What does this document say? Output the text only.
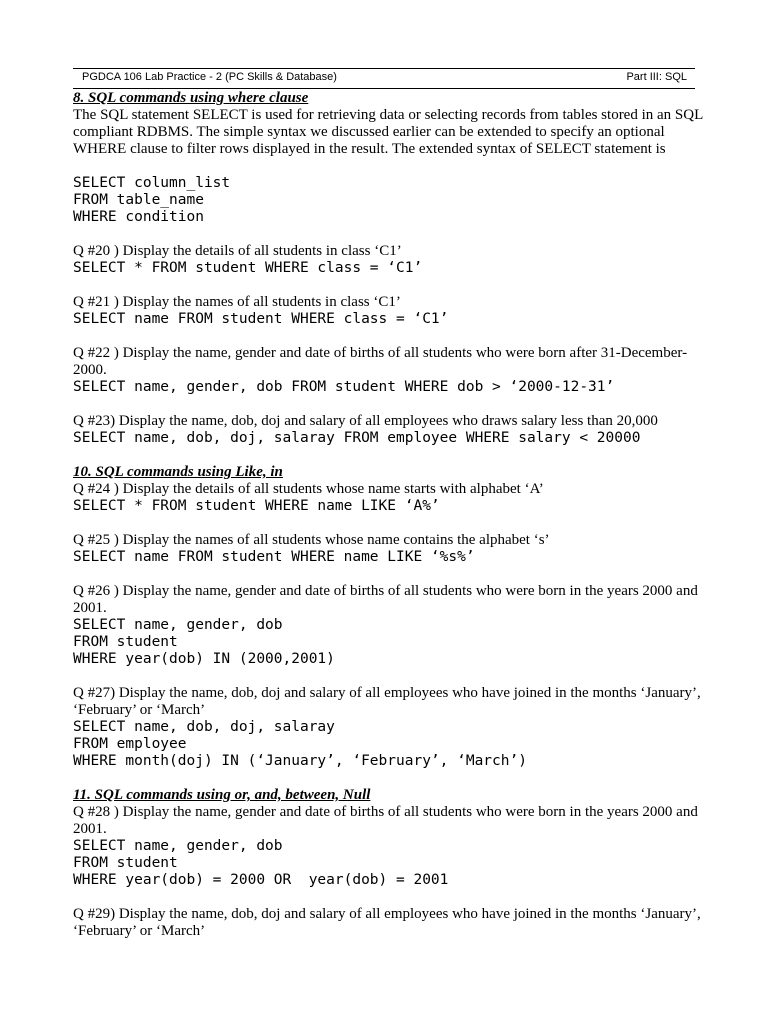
PGDCA 106 Lab Practice - 2 (PC Skills & Database)	Part III: SQL
8. SQL commands using where clause
The SQL statement SELECT is used for retrieving data or selecting records from tables stored in an SQL compliant RDBMS. The simple syntax we discussed earlier can be extended to specify an optional WHERE clause to filter rows displayed in the result. The extended syntax of SELECT statement is
SELECT column_list
FROM table_name
WHERE condition
Q #20 ) Display the details of all students in class ‘C1’
SELECT * FROM student WHERE class = ‘C1’
Q #21 ) Display the names of all students in class ‘C1’
SELECT name FROM student WHERE class = ‘C1’
Q #22 ) Display the name, gender and date of births of all students who were born after 31-December-2000.
SELECT name, gender, dob FROM student WHERE dob > ‘2000-12-31’
Q #23) Display the name, dob, doj and salary of all employees who draws salary less than 20,000
SELECT name, dob, doj, salaray FROM employee WHERE salary < 20000
10. SQL commands using Like, in
Q #24 ) Display the details of all students whose name starts with alphabet ‘A’
SELECT * FROM student WHERE name LIKE ‘A%’
Q #25 ) Display the names of all students whose name contains the alphabet ‘s’
SELECT name FROM student WHERE name LIKE ‘%s%’
Q #26 ) Display the name, gender and date of births of all students who were born in the years 2000 and 2001.
SELECT name, gender, dob
FROM student
WHERE year(dob) IN (2000,2001)
Q #27) Display the name, dob, doj and salary of all employees who have joined in the months ‘January’, ‘February’ or ‘March’
SELECT name, dob, doj, salaray
FROM employee
WHERE month(doj) IN (‘January’, ‘February’, ‘March’)
11. SQL commands using or, and, between, Null
Q #28 ) Display the name, gender and date of births of all students who were born in the years 2000 and 2001.
SELECT name, gender, dob
FROM student
WHERE year(dob) = 2000 OR  year(dob) = 2001
Q #29) Display the name, dob, doj and salary of all employees who have joined in the months ‘January’, ‘February’ or ‘March’
